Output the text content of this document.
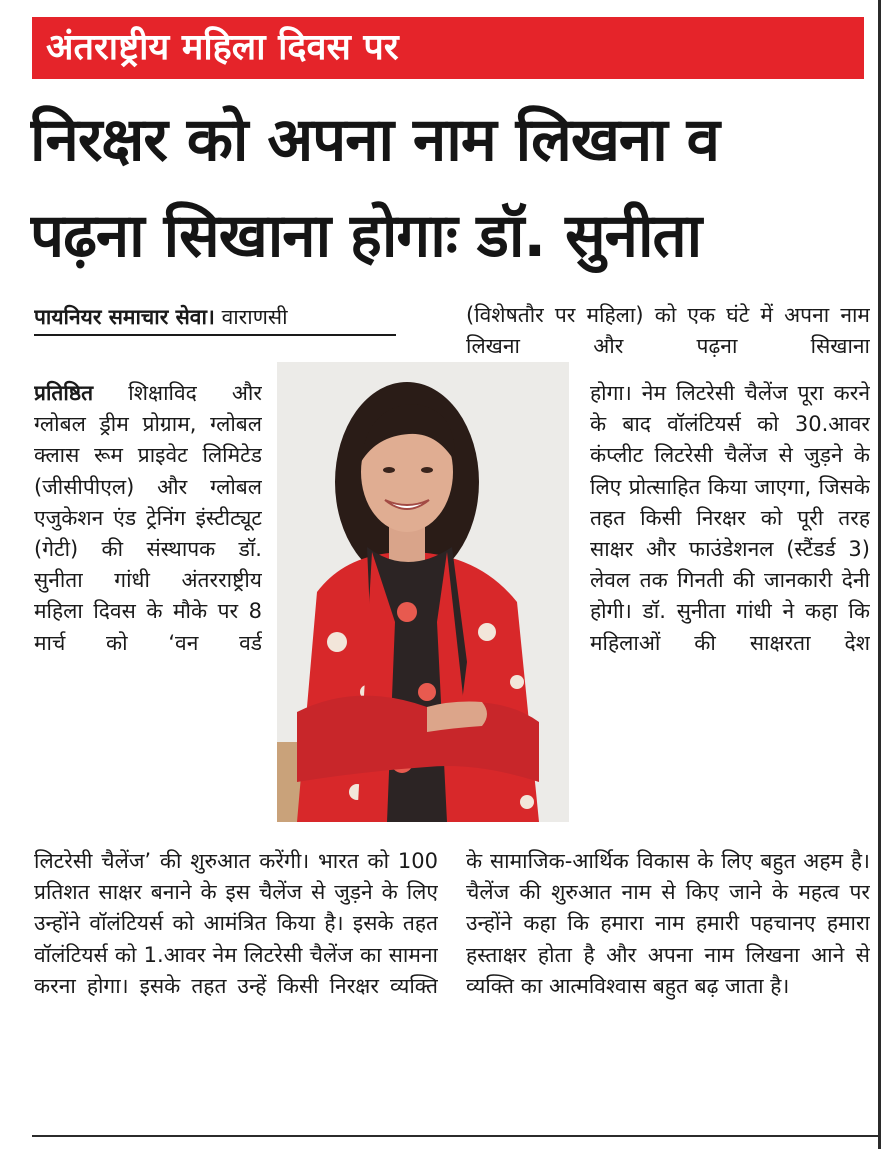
अंतराष्ट्रीय महिला दिवस पर
निरक्षर को अपना नाम लिखना व
पढ़ना सिखाना होगाः डॉ. सुनीता
पायनियर समाचार सेवा। वाराणसी
प्रतिष्ठित शिक्षाविद और ग्लोबल ड्रीम प्रोग्राम, ग्लोबल क्लास रूम प्राइवेट लिमिटेड (जीसीपीएल) और ग्लोबल एजुकेशन एंड ट्रेनिंग इंस्टीट्यूट (गेटी) की संस्थापक डॉ. सुनीता गांधी अंतरराष्ट्रीय महिला दिवस के मौके पर 8 मार्च को ‘वन वर्ड
लिटरेसी चैलेंज’ की शुरुआत करेंगी। भारत को 100 प्रतिशत साक्षर बनाने के इस चैलेंज से जुड़ने के लिए उन्होंने वॉलंटियर्स को आमंत्रित किया है। इसके तहत वॉलंटियर्स को 1.आवर नेम लिटरेसी चैलेंज का सामना करना होगा। इसके तहत उन्हें किसी निरक्षर व्यक्ति
(विशेषतौर पर महिला) को एक घंटे में अपना नाम लिखना और पढ़ना सिखाना
होगा। नेम लिटरेसी चैलेंज पूरा करने के बाद वॉलंटियर्स को 30.आवर कंप्लीट लिटरेसी चैलेंज से जुड़ने के लिए प्रोत्साहित किया जाएगा, जिसके तहत किसी निरक्षर को पूरी तरह साक्षर और फाउंडेशनल (स्टैंडर्ड 3) लेवल तक गिनती की जानकारी देनी होगी। डॉ. सुनीता गांधी ने कहा कि महिलाओं की साक्षरता देश
के सामाजिक-आर्थिक विकास के लिए बहुत अहम है। चैलेंज की शुरुआत नाम से किए जाने के महत्व पर उन्होंने कहा कि हमारा नाम हमारी पहचानए हमारा हस्ताक्षर होता है और अपना नाम लिखना आने से व्यक्ति का आत्मविश्वास बहुत बढ़ जाता है।
